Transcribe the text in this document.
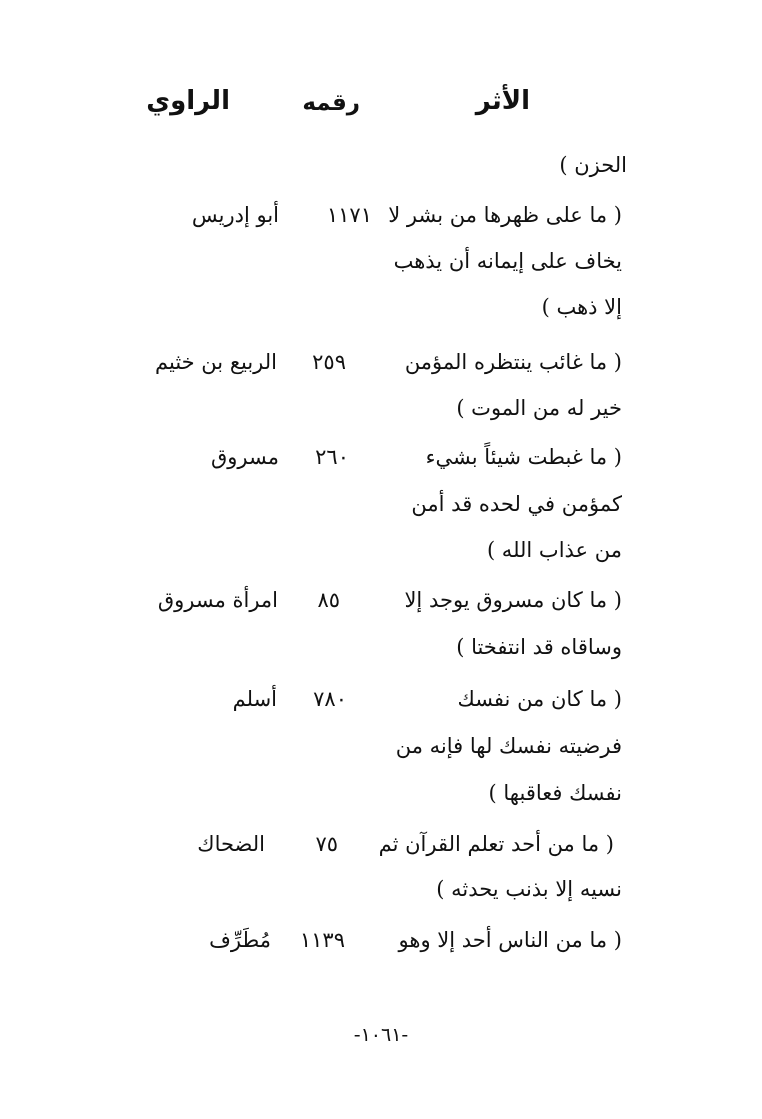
الأثر
رقمه
الراوي
الحزن )
( ما على ظهرها من بشر لا
يخاف على إيمانه أن يذهب
إلا ذهب )
١١٧١
أبو إدريس
( ما غائب ينتظره المؤمن
خير له من الموت )
٢٥٩
الربيع بن خثيم
( ما غبطت شيئاً بشيء
كمؤمن في لحده قد أمن
من عذاب الله )
٢٦٠
مسروق
( ما كان مسروق يوجد إلا
وساقاه قد انتفختا )
٨٥
امرأة مسروق
( ما كان من نفسك
فرضيته نفسك لها فإنه من
نفسك فعاقبها )
٧٨٠
أسلم
( ما من أحد تعلم القرآن ثم
نسيه إلا بذنب يحدثه )
٧٥
الضحاك
( ما من الناس أحد إلا وهو
١١٣٩
مُطَرِّف
-١٠٦١-
